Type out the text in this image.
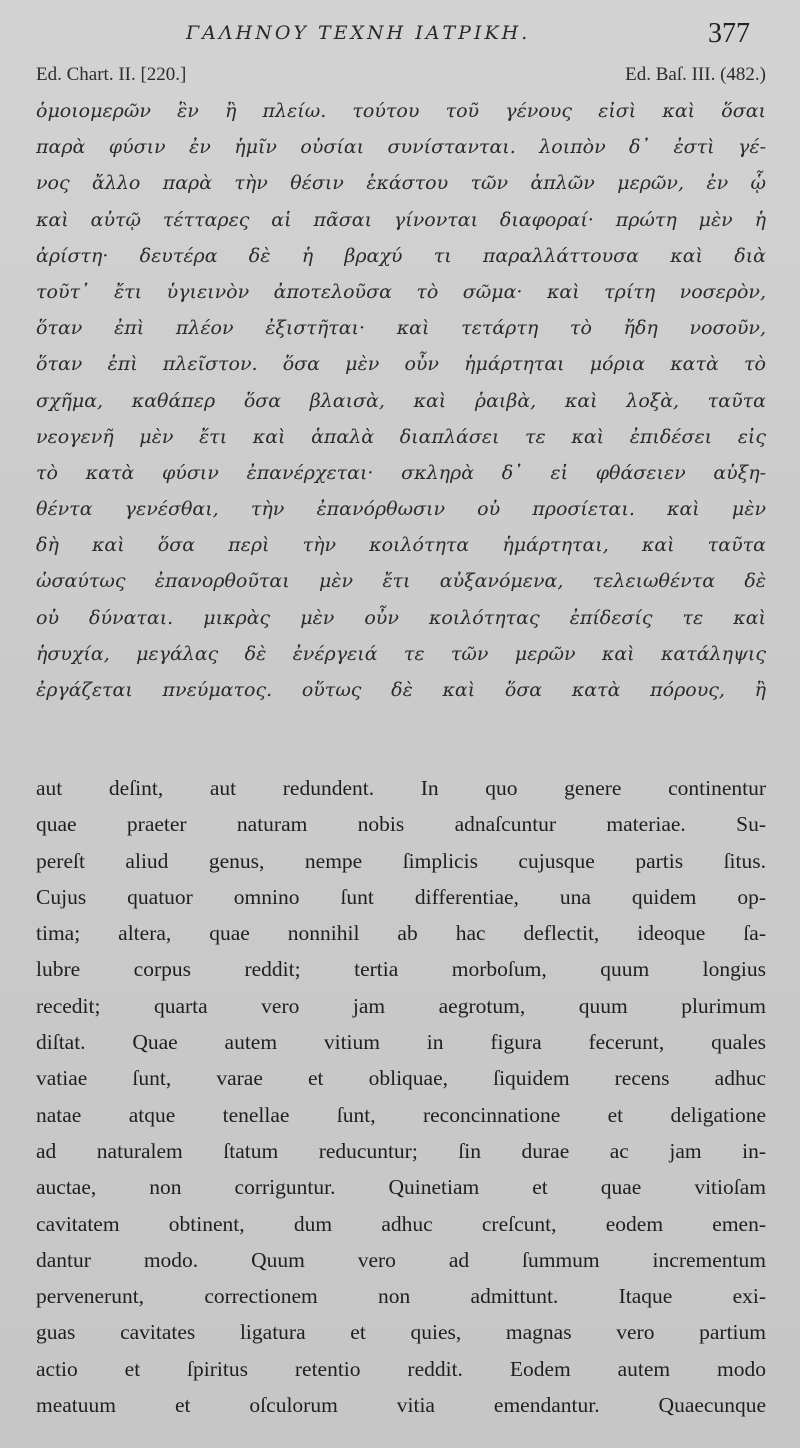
ΓΑΛΗΝΟΥ ΤΕΧΝΗ ΙΑΤΡΙΚΗ.	377
Ed. Chart. II. [220.]	Ed. Baſ. III. (482.)
ὁμοιομερῶν ἓν ἢ πλείω. τούτου τοῦ γένους εἰσὶ καὶ ὅσαι
παρὰ φύσιν ἐν ἡμῖν οὐσίαι συνίστανται. λοιπὸν δ᾽ ἐστὶ γέ-
νος ἄλλο παρὰ τὴν θέσιν ἑκάστου τῶν ἁπλῶν μερῶν, ἐν ᾧ
καὶ αὐτῷ τέτταρες αἱ πᾶσαι γίνονται διαφοραί· πρώτη μὲν ἡ
ἀρίστη· δευτέρα δὲ ἡ βραχύ τι παραλλάττουσα καὶ διὰ
τοῦτ᾽ ἔτι ὑγιεινὸν ἀποτελοῦσα τὸ σῶμα· καὶ τρίτη νοσερὸν,
ὅταν ἐπὶ πλέον ἐξιστῆται· καὶ τετάρτη τὸ ἤδη νοσοῦν,
ὅταν ἐπὶ πλεῖστον. ὅσα μὲν οὖν ἡμάρτηται μόρια κατὰ τὸ
σχῆμα, καθάπερ ὅσα βλαισὰ, καὶ ῥαιβὰ, καὶ λοξὰ, ταῦτα
νεογενῆ μὲν ἔτι καὶ ἁπαλὰ διαπλάσει τε καὶ ἐπιδέσει εἰς
τὸ κατὰ φύσιν ἐπανέρχεται· σκληρὰ δ᾽ εἰ φθάσειεν αὐξη-
θέντα γενέσθαι, τὴν ἐπανόρθωσιν οὐ προσίεται. καὶ μὲν
δὴ καὶ ὅσα περὶ τὴν κοιλότητα ἡμάρτηται, καὶ ταῦτα
ὡσαύτως ἐπανορθοῦται μὲν ἔτι αὐξανόμενα, τελειωθέντα δὲ
οὐ δύναται. μικρὰς μὲν οὖν κοιλότητας ἐπίδεσίς τε καὶ
ἡσυχία, μεγάλας δὲ ἐνέργειά τε τῶν μερῶν καὶ κατάληψις
ἐργάζεται πνεύματος. οὕτως δὲ καὶ ὅσα κατὰ πόρους, ἢ
aut deſint, aut redundent. In quo genere continentur
quae praeter naturam nobis adnaſcuntur materiae. Su-
pereſt aliud genus, nempe ſimplicis cujusque partis ſitus.
Cujus quatuor omnino ſunt differentiae, una quidem op-
tima; altera, quae nonnihil ab hac deflectit, ideoque ſa-
lubre corpus reddit; tertia morboſum, quum longius
recedit; quarta vero jam aegrotum, quum plurimum
diſtat. Quae autem vitium in figura fecerunt, quales
vatiae ſunt, varae et obliquae, ſiquidem recens adhuc
natae atque tenellae ſunt, reconcinnatione et deligatione
ad naturalem ſtatum reducuntur; ſin durae ac jam in-
auctae, non corriguntur. Quinetiam et quae vitioſam
cavitatem obtinent, dum adhuc creſcunt, eodem emen-
dantur modo. Quum vero ad ſummum incrementum
pervenerunt, correctionem non admittunt. Itaque exi-
guas cavitates ligatura et quies, magnas vero partium
actio et ſpiritus retentio reddit. Eodem autem modo
meatuum et oſculorum vitia emendantur. Quaecunque
